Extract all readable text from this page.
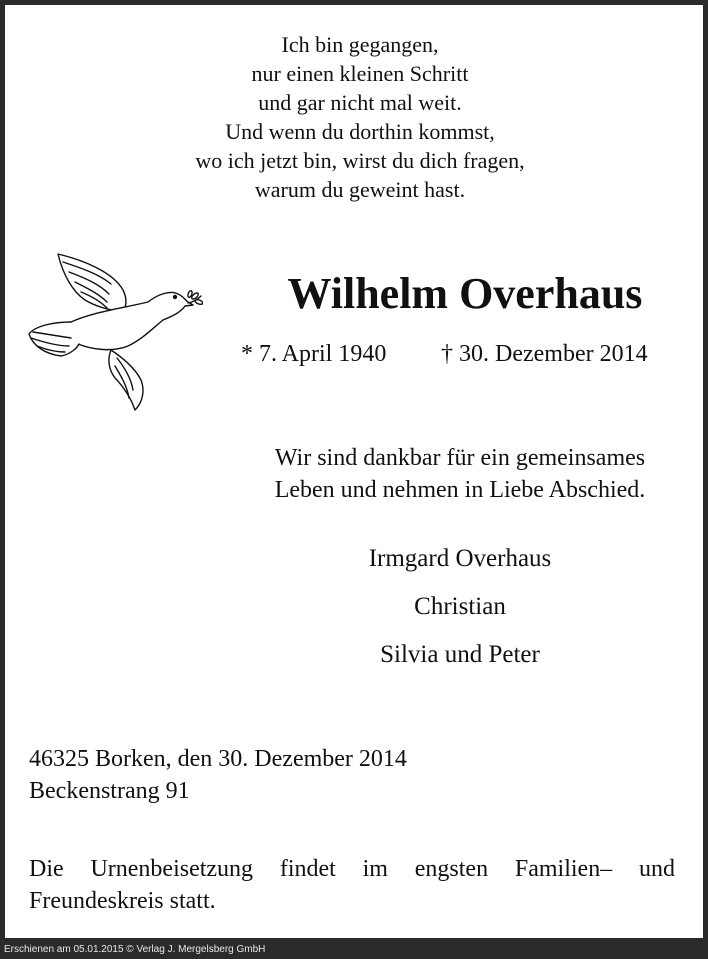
Ich bin gegangen,
nur einen kleinen Schritt
und gar nicht mal weit.
Und wenn du dorthin kommst,
wo ich jetzt bin, wirst du dich fragen,
warum du geweint hast.
Wilhelm Overhaus
* 7. April 1940 † 30. Dezember 2014
Wir sind dankbar für ein gemeinsames
Leben und nehmen in Liebe Abschied.
Irmgard Overhaus
Christian
Silvia und Peter
46325 Borken, den 30. Dezember 2014
Beckenstrang 91
Die Urnenbeisetzung findet im engsten Familien– und Freundeskreis statt.
Erschienen am 05.01.2015 © Verlag J. Mergelsberg GmbH
